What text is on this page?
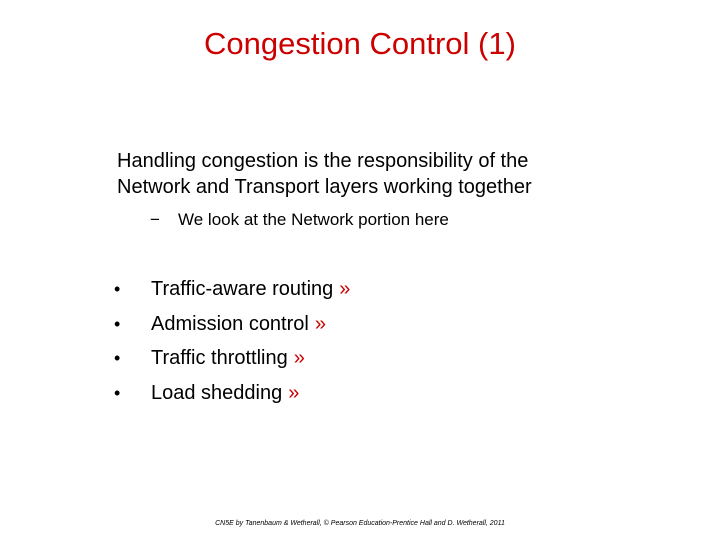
Congestion Control (1)
Handling congestion is the responsibility of the
Network and Transport layers working together
− We look at the Network portion here
• Traffic-aware routing »
• Admission control »
• Traffic throttling »
• Load shedding »
CN5E by Tanenbaum & Wetherall, © Pearson Education-Prentice Hall and D. Wetherall, 2011
